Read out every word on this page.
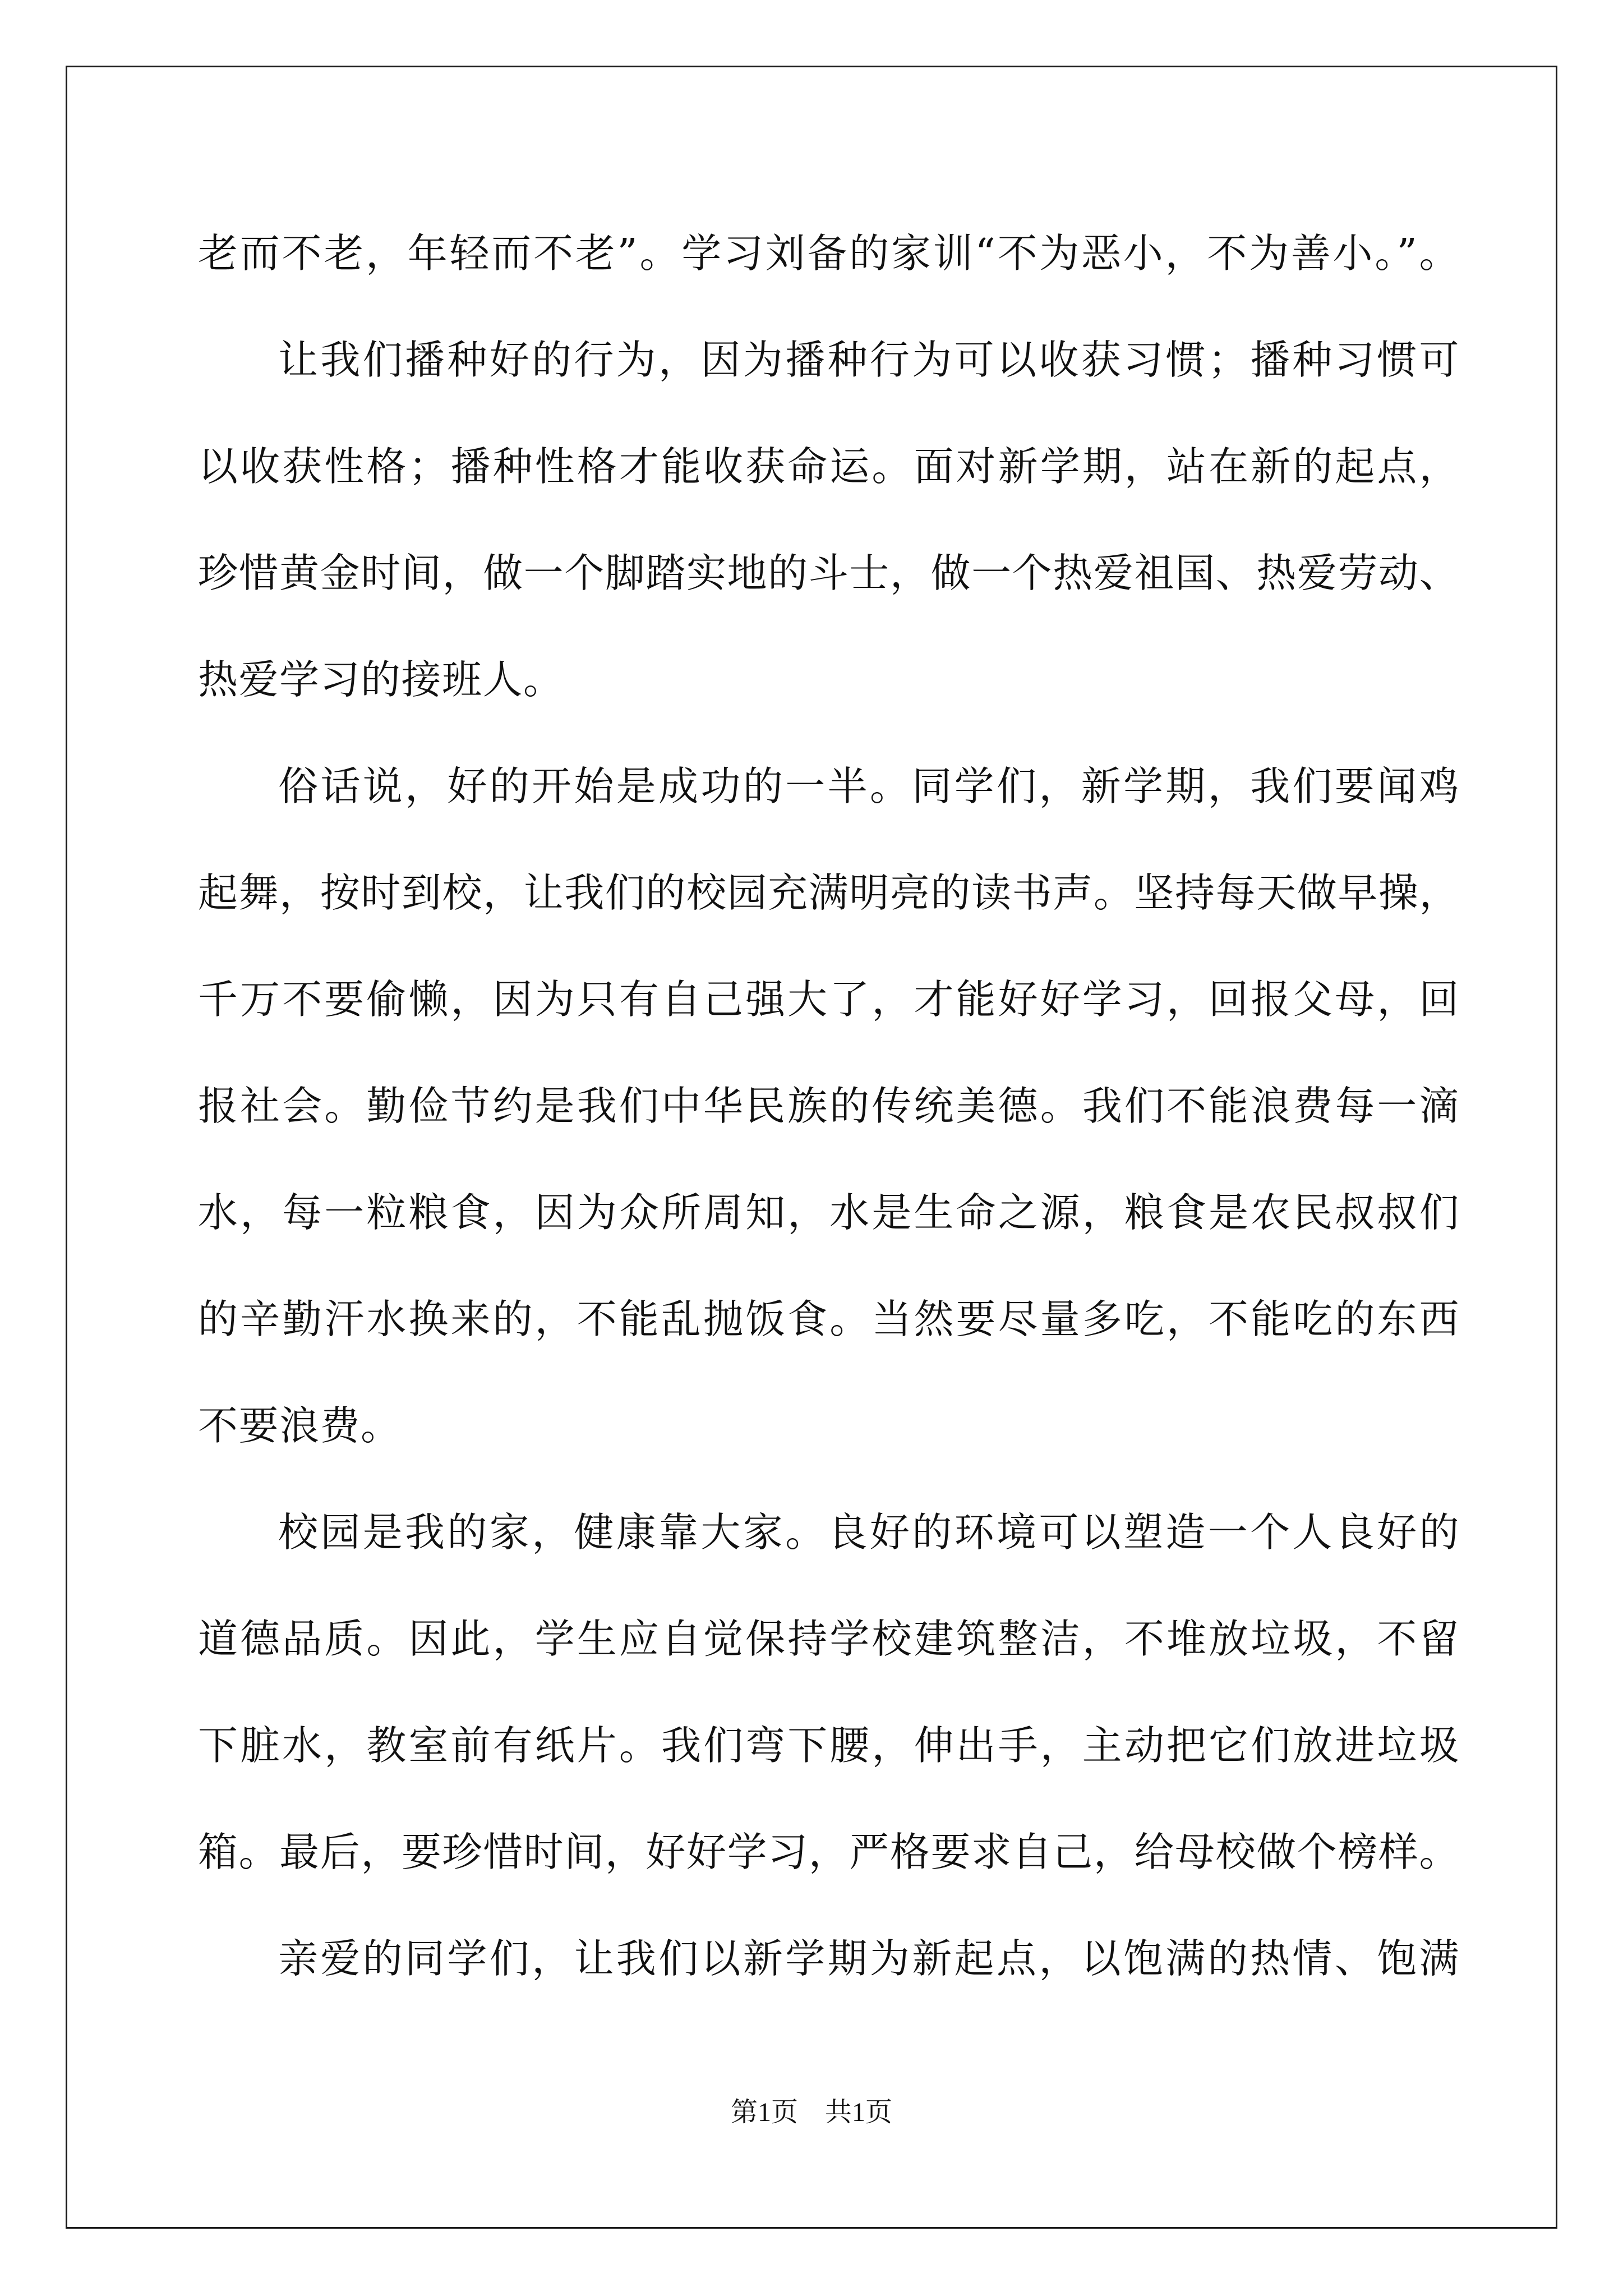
老而不老，年轻而不老”。学习刘备的家训“不为恶小，不为善小。”。
让我们播种好的行为，因为播种行为可以收获习惯；播种习惯可
以收获性格；播种性格才能收获命运。面对新学期，站在新的起点，
珍惜黄金时间，做一个脚踏实地的斗士，做一个热爱祖国、热爱劳动、
热爱学习的接班人。
俗话说，好的开始是成功的一半。同学们，新学期，我们要闻鸡
起舞，按时到校，让我们的校园充满明亮的读书声。坚持每天做早操，
千万不要偷懒，因为只有自己强大了，才能好好学习，回报父母，回
报社会。勤俭节约是我们中华民族的传统美德。我们不能浪费每一滴
水，每一粒粮食，因为众所周知，水是生命之源，粮食是农民叔叔们
的辛勤汗水换来的，不能乱抛饭食。当然要尽量多吃，不能吃的东西
不要浪费。
校园是我的家，健康靠大家。良好的环境可以塑造一个人良好的
道德品质。因此，学生应自觉保持学校建筑整洁，不堆放垃圾，不留
下脏水，教室前有纸片。我们弯下腰，伸出手，主动把它们放进垃圾
箱。最后，要珍惜时间，好好学习，严格要求自己，给母校做个榜样。
亲爱的同学们，让我们以新学期为新起点，以饱满的热情、饱满
第1页　共1页
